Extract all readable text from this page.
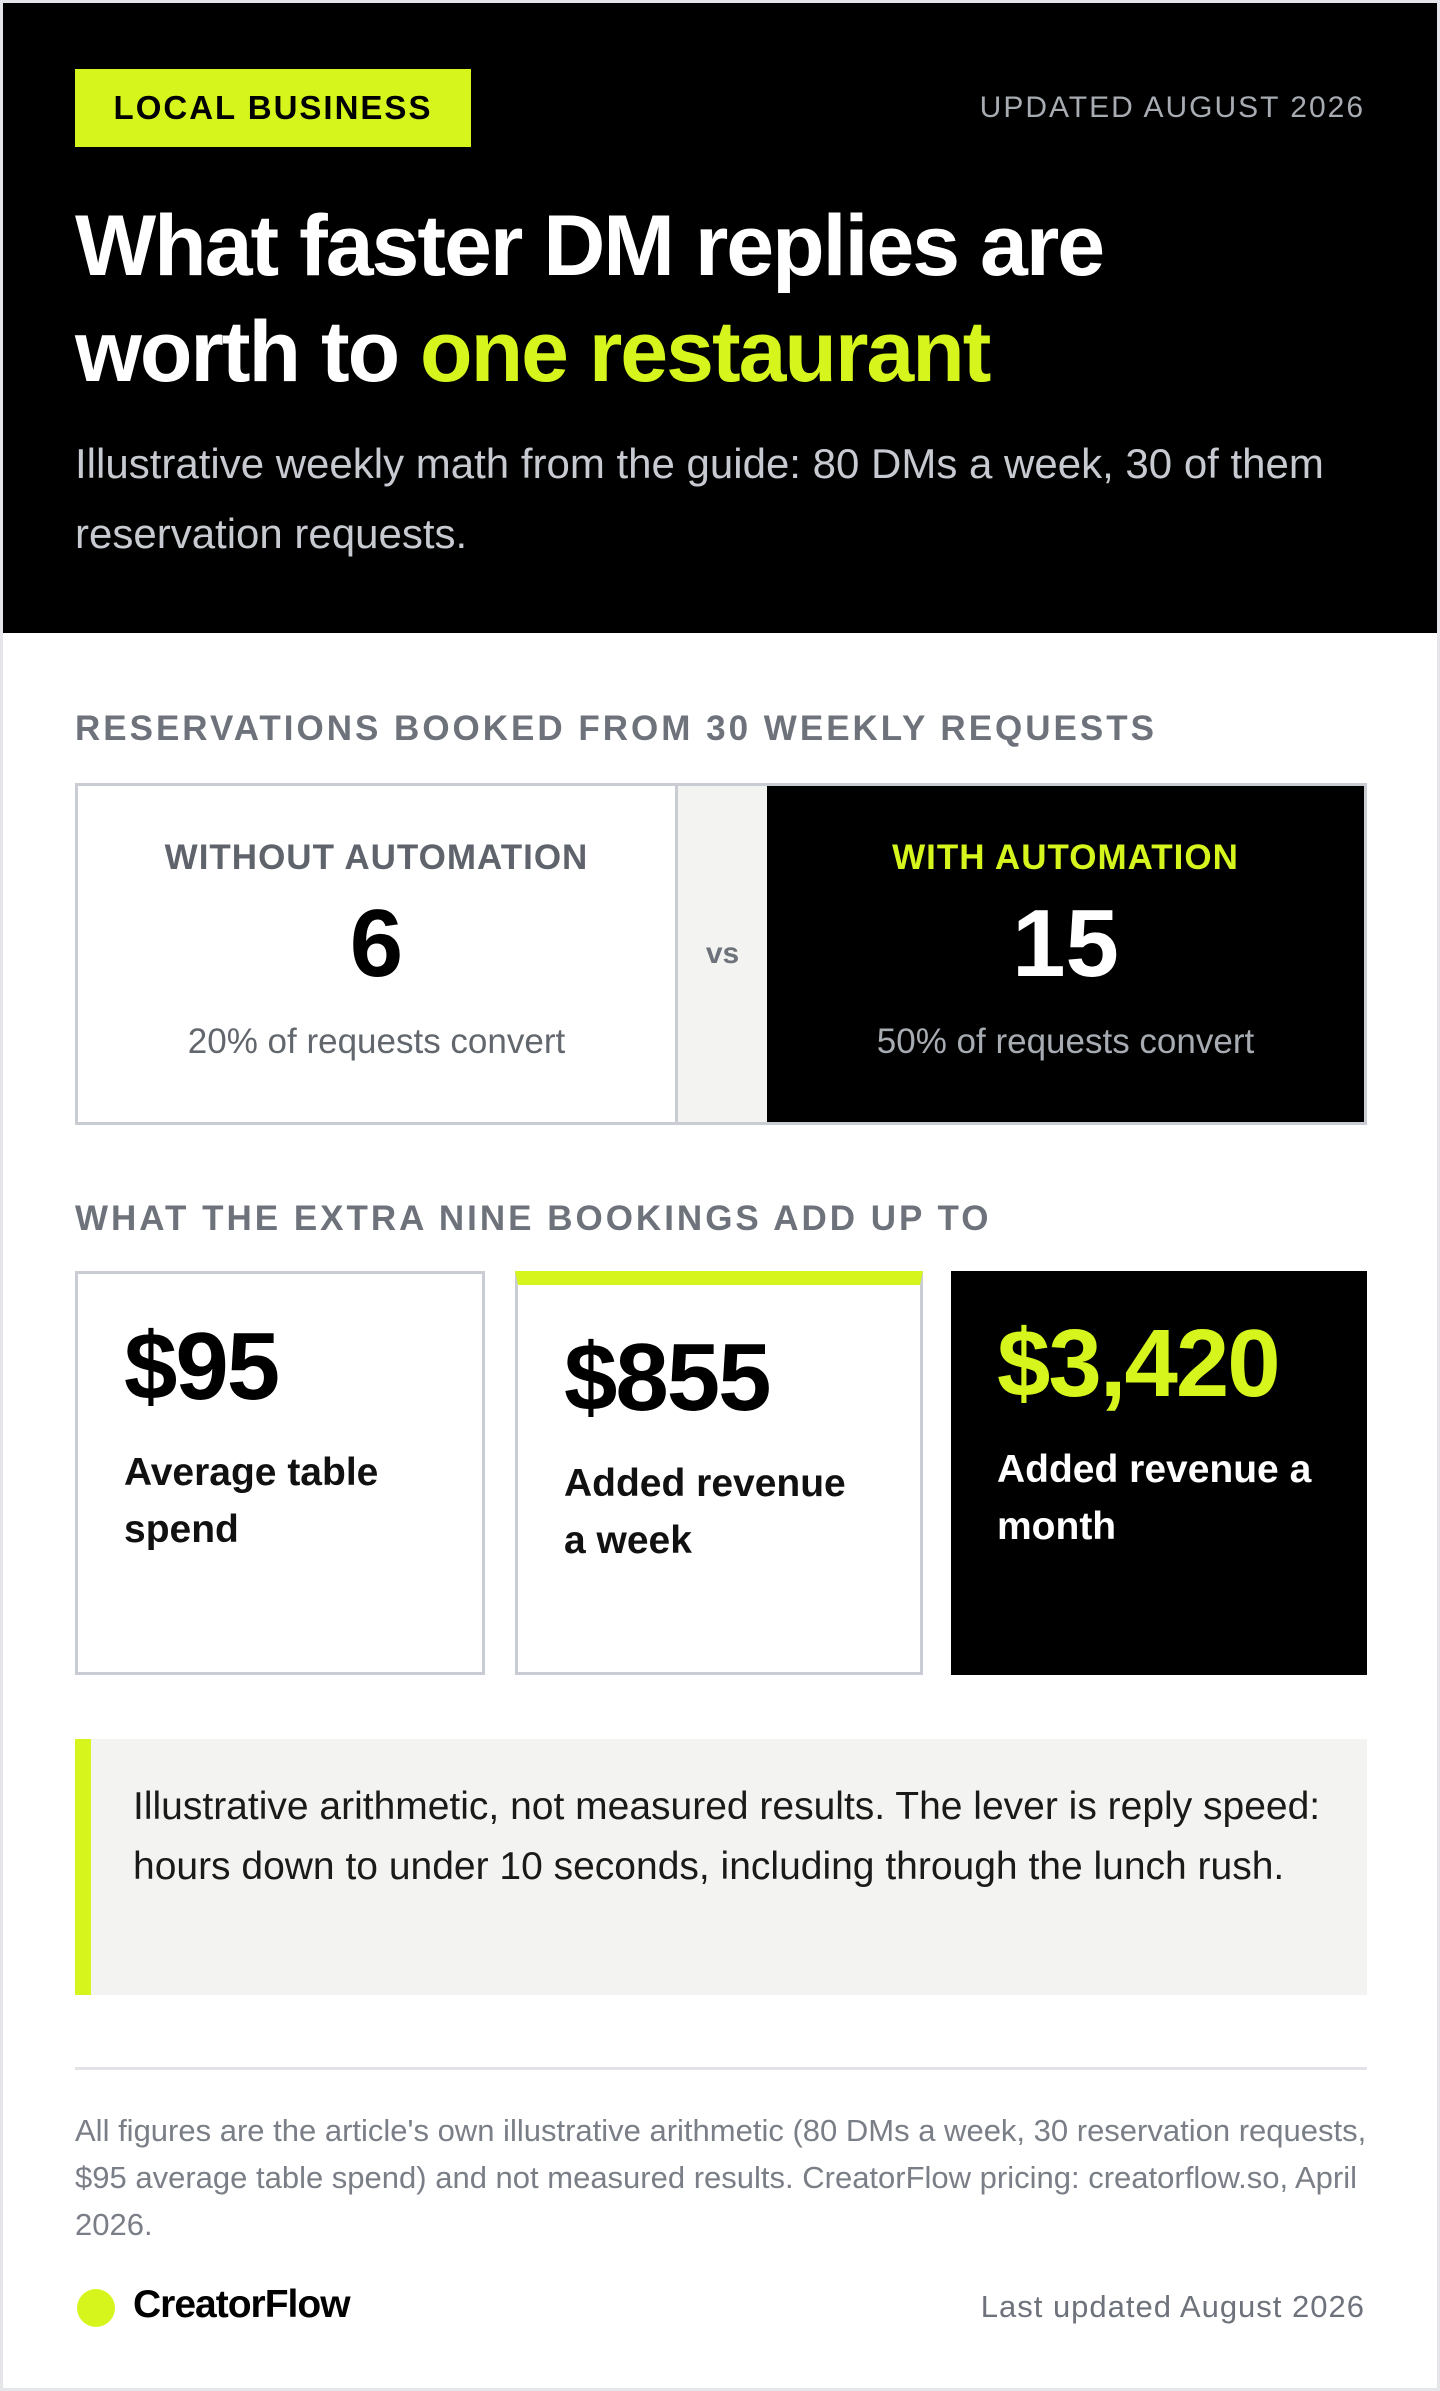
LOCAL BUSINESS	UPDATED AUGUST 2026
What faster DM replies are
worth to one restaurant

Illustrative weekly math from the guide: 80 DMs a week, 30 of them reservation requests.

RESERVATIONS BOOKED FROM 30 WEEKLY REQUESTS
WITHOUT AUTOMATION
6
20% of requests convert
vs
WITH AUTOMATION
15
50% of requests convert
WHAT THE EXTRA NINE BOOKINGS ADD UP TO
$95
Average table spend
$855
Added revenue a week
$3,420
Added revenue a month
Illustrative arithmetic, not measured results. The lever is reply speed: hours down to under 10 seconds, including through the lunch rush.

All figures are the article's own illustrative arithmetic (80 DMs a week, 30 reservation requests, $95 average table spend) and not measured results. CreatorFlow pricing: creatorflow.so, April 2026.

CreatorFlow	Last updated August 2026
